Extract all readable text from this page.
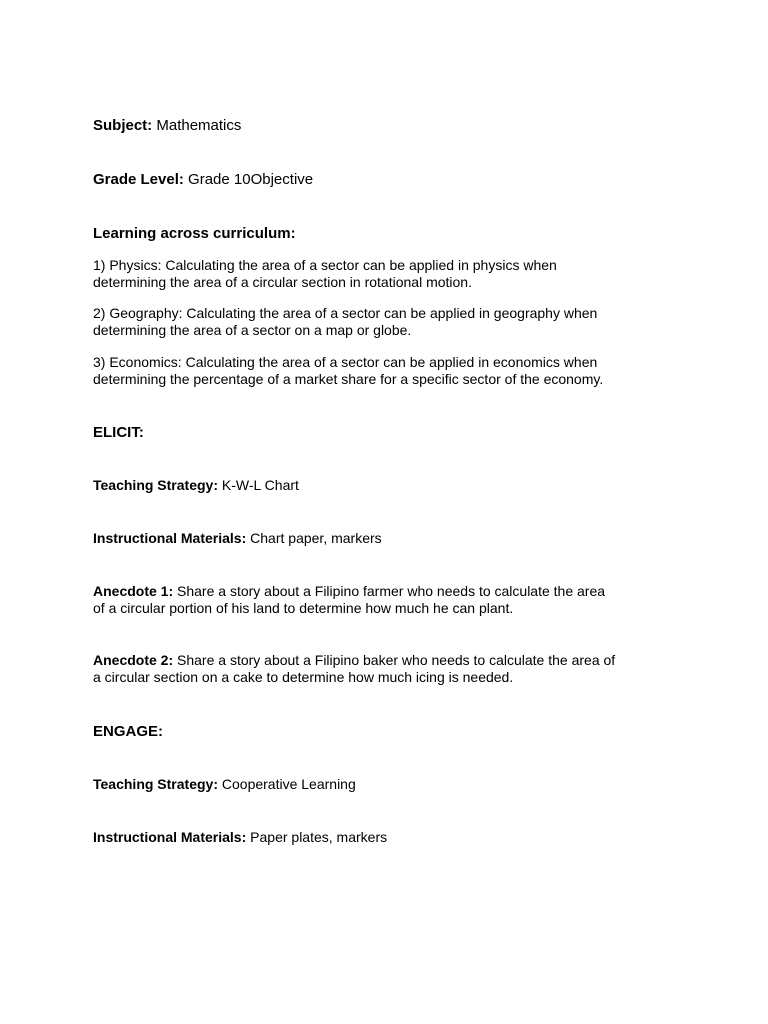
Subject: Mathematics
Grade Level: Grade 10Objective
Learning across curriculum:
1) Physics: Calculating the area of a sector can be applied in physics when
determining the area of a circular section in rotational motion.
2) Geography: Calculating the area of a sector can be applied in geography when
determining the area of a sector on a map or globe.
3) Economics: Calculating the area of a sector can be applied in economics when
determining the percentage of a market share for a specific sector of the economy.
ELICIT:
Teaching Strategy: K-W-L Chart
Instructional Materials: Chart paper, markers
Anecdote 1: Share a story about a Filipino farmer who needs to calculate the area
of a circular portion of his land to determine how much he can plant.
Anecdote 2: Share a story about a Filipino baker who needs to calculate the area of
a circular section on a cake to determine how much icing is needed.
ENGAGE:
Teaching Strategy: Cooperative Learning
Instructional Materials: Paper plates, markers
